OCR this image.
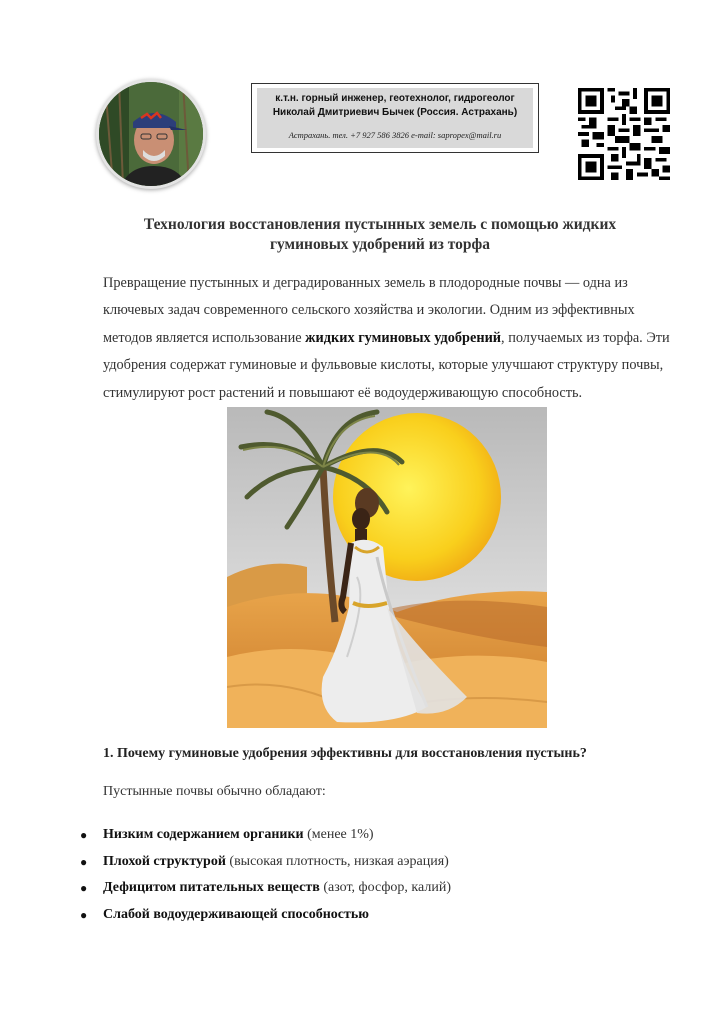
к.т.н. горный инженер, геотехнолог, гидрогеолог
Николай Дмитриевич Бычек (Россия. Астрахань)
Астрахань. тел. +7 927 586 3826 e-mail: sapropex@mail.ru
Технология восстановления пустынных земель с помощью жидких
гуминовых удобрений из торфа
Превращение пустынных и деградированных земель в плодородные почвы — одна из ключевых задач современного сельского хозяйства и экологии. Одним из эффективных методов является использование жидких гуминовых удобрений, получаемых из торфа. Эти удобрения содержат гуминовые и фульвовые кислоты, которые улучшают структуру почвы, стимулируют рост растений и повышают её водоудерживающую способность.
1. Почему гуминовые удобрения эффективны для восстановления пустынь?
Пустынные почвы обычно обладают:
● Низким содержанием органики (менее 1%)
● Плохой структурой (высокая плотность, низкая аэрация)
● Дефицитом питательных веществ (азот, фосфор, калий)
● Слабой водоудерживающей способностью
